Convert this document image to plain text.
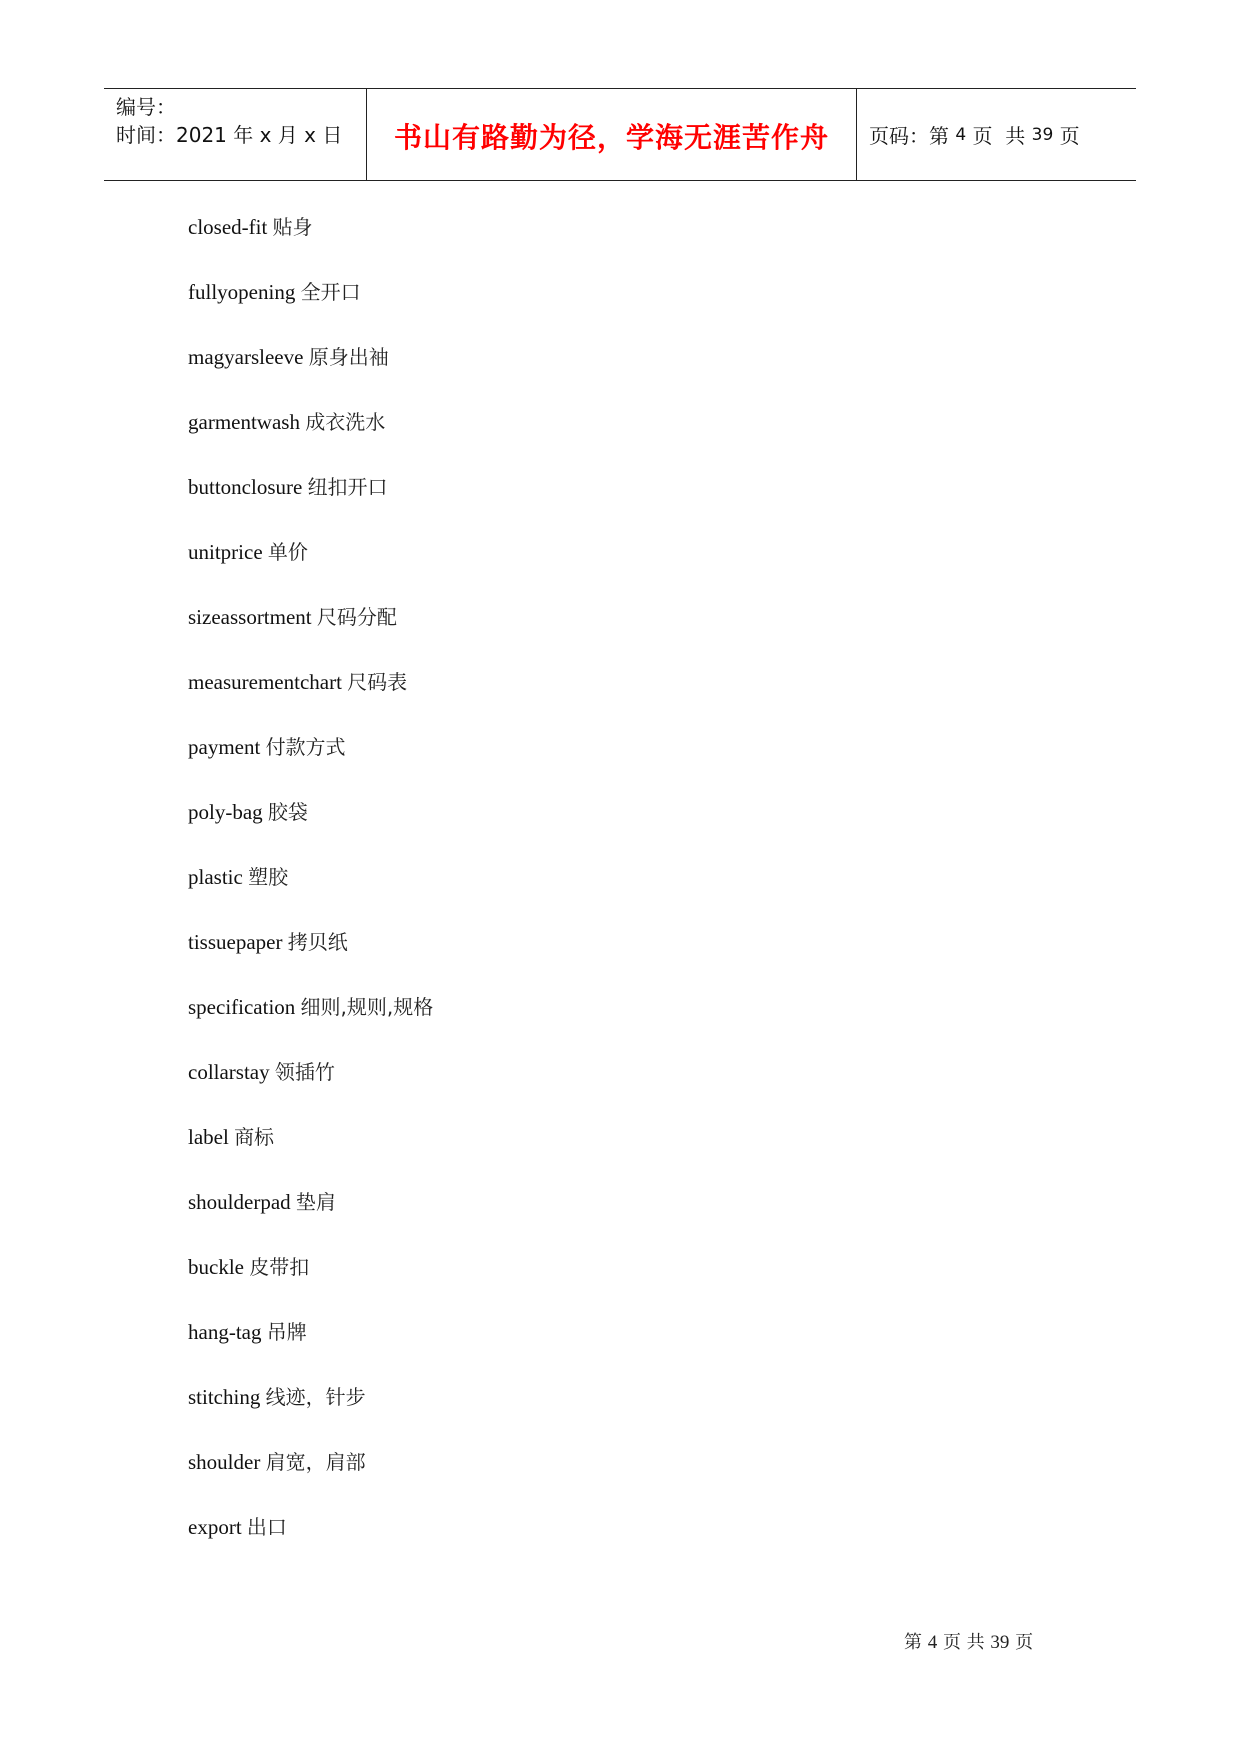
编号：
时间：2021 年 x 月 x 日	书山有路勤为径，学海无涯苦作舟 页码：第 4 页  共 39 页
closed-fit 贴身
fullyopening 全开口
magyarsleeve 原身出袖
garmentwash 成衣洗水
buttonclosure 纽扣开口
unitprice 单价
sizeassortment 尺码分配
measurementchart 尺码表
payment 付款方式
poly-bag 胶袋
plastic 塑胶
tissuepaper 拷贝纸
specification 细则,规则,规格
collarstay 领插竹
label 商标
shoulderpad 垫肩
buckle 皮带扣
hang-tag 吊牌
stitching 线迹，针步
shoulder 肩宽，肩部
export 出口
第 4 页 共 39 页
